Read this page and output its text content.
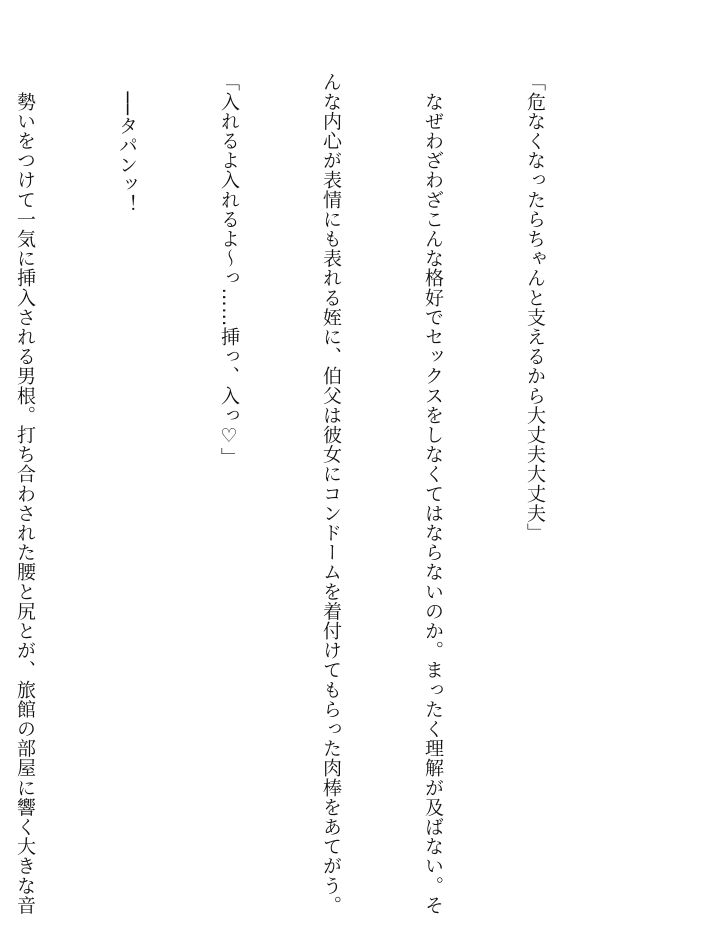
「危なくなったらちゃんと支えるから大丈夫大丈夫」

　なぜわざわざこんな格好でセックスをしなくてはならないのか。まったく理解が及ばない。そ

んな内心が表情にも表れる姪に、伯父は彼女にコンドームを着付けてもらった肉棒をあてがう。

「入れるよ入れるよ〜っ……挿っ、入っ♡」

　──タパンッ！

　勢いをつけて一気に挿入される男根。打ち合わされた腰と尻とが、旅館の部屋に響く大きな音
